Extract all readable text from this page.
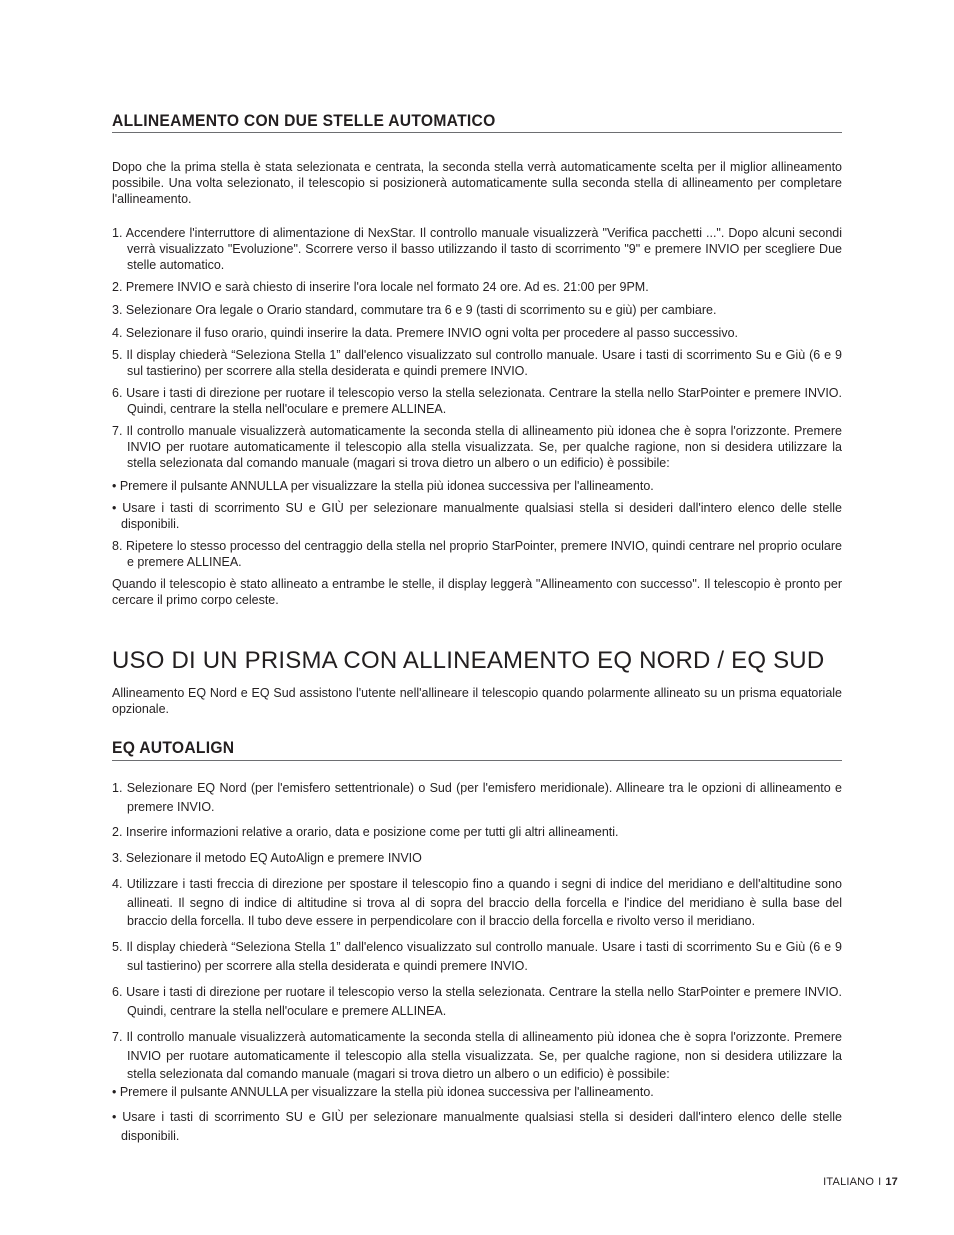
ALLINEAMENTO CON DUE STELLE AUTOMATICO

Dopo che la prima stella è stata selezionata e centrata, la seconda stella verrà automaticamente scelta per il miglior allineamento possibile. Una volta selezionato, il telescopio si posizionerà automaticamente sulla seconda stella di allineamento per completare l'allineamento.

1. Accendere l'interruttore di alimentazione di NexStar. Il controllo manuale visualizzerà "Verifica pacchetti ...". Dopo alcuni secondi verrà visualizzato "Evoluzione". Scorrere verso il basso utilizzando il tasto di scorrimento "9" e premere INVIO per scegliere Due stelle automatico.

2. Premere INVIO e sarà chiesto di inserire l'ora locale nel formato 24 ore. Ad es. 21:00 per 9PM.

3. Selezionare Ora legale o Orario standard, commutare tra 6 e 9 (tasti di scorrimento su e giù) per cambiare.

4. Selezionare il fuso orario, quindi inserire la data. Premere INVIO ogni volta per procedere al passo successivo.

5. Il display chiederà “Seleziona Stella 1” dall'elenco visualizzato sul controllo manuale. Usare i tasti di scorrimento Su e Giù (6 e 9 sul tastierino) per scorrere alla stella desiderata e quindi premere INVIO.

6. Usare i tasti di direzione per ruotare il telescopio verso la stella selezionata. Centrare la stella nello StarPointer e premere INVIO. Quindi, centrare la stella nell'oculare e premere ALLINEA.

7. Il controllo manuale visualizzerà automaticamente la seconda stella di allineamento più idonea che è sopra l'orizzonte. Premere INVIO per ruotare automaticamente il telescopio alla stella visualizzata. Se, per qualche ragione, non si desidera utilizzare la stella selezionata dal comando manuale (magari si trova dietro un albero o un edificio) è possibile:

• Premere il pulsante ANNULLA per visualizzare la stella più idonea successiva per l'allineamento.

• Usare i tasti di scorrimento SU e GIÙ per selezionare manualmente qualsiasi stella si desideri dall'intero elenco delle stelle disponibili.

8. Ripetere lo stesso processo del centraggio della stella nel proprio StarPointer, premere INVIO, quindi centrare nel proprio oculare e premere ALLINEA.

Quando il telescopio è stato allineato a entrambe le stelle, il display leggerà "Allineamento con successo". Il telescopio è pronto per cercare il primo corpo celeste.

USO DI UN PRISMA CON ALLINEAMENTO EQ NORD / EQ SUD

Allineamento EQ Nord e EQ Sud assistono l'utente nell'allineare il telescopio quando polarmente allineato su un prisma equatoriale opzionale.

EQ AUTOALIGN

1. Selezionare EQ Nord (per l'emisfero settentrionale) o Sud (per l'emisfero meridionale). Allineare tra le opzioni di allineamento e premere INVIO.

2. Inserire informazioni relative a orario, data e posizione come per tutti gli altri allineamenti.

3. Selezionare il metodo EQ AutoAlign e premere INVIO

4. Utilizzare i tasti freccia di direzione per spostare il telescopio fino a quando i segni di indice del meridiano e dell'altitudine sono allineati. Il segno di indice di altitudine si trova al di sopra del braccio della forcella e l'indice del meridiano è sulla base del braccio della forcella. Il tubo deve essere in perpendicolare con il braccio della forcella e rivolto verso il meridiano.

5. Il display chiederà “Seleziona Stella 1” dall'elenco visualizzato sul controllo manuale. Usare i tasti di scorrimento Su e Giù (6 e 9 sul tastierino) per scorrere alla stella desiderata e quindi premere INVIO.

6. Usare i tasti di direzione per ruotare il telescopio verso la stella selezionata. Centrare la stella nello StarPointer e premere INVIO. Quindi, centrare la stella nell'oculare e premere ALLINEA.

7. Il controllo manuale visualizzerà automaticamente la seconda stella di allineamento più idonea che è sopra l'orizzonte. Premere INVIO per ruotare automaticamente il telescopio alla stella visualizzata. Se, per qualche ragione, non si desidera utilizzare la stella selezionata dal comando manuale (magari si trova dietro un albero o un edificio) è possibile:

• Premere il pulsante ANNULLA per visualizzare la stella più idonea successiva per l'allineamento.

• Usare i tasti di scorrimento SU e GIÙ per selezionare manualmente qualsiasi stella si desideri dall'intero elenco delle stelle disponibili.

ITALIANO I 17
